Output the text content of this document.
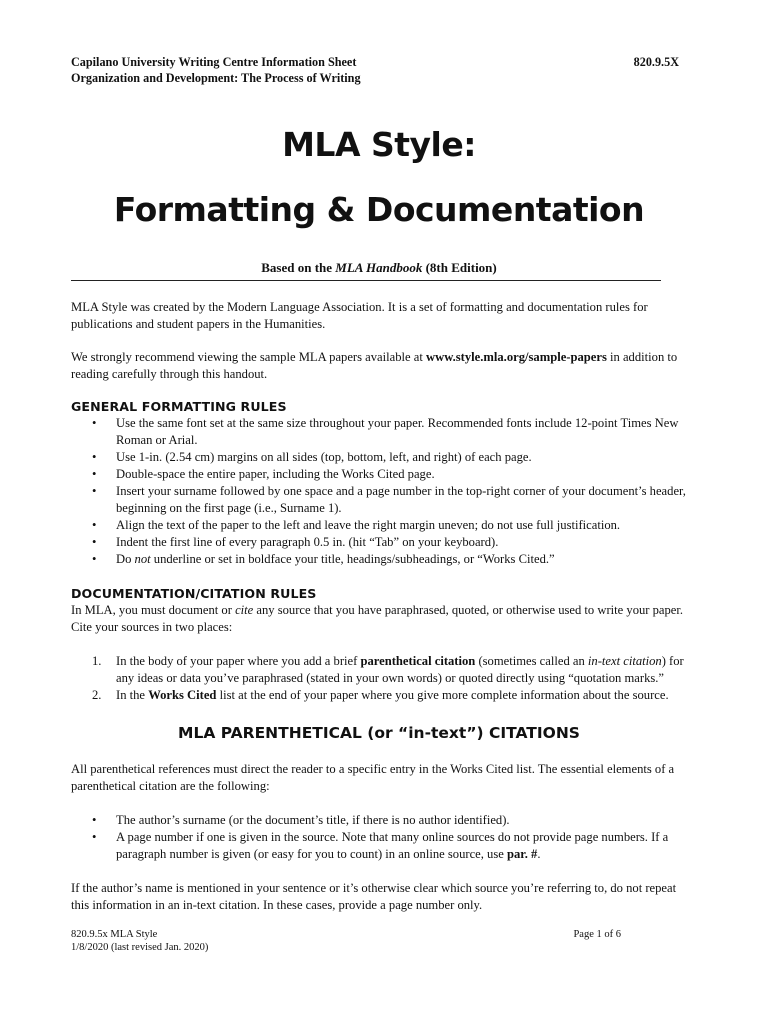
Capilano University Writing Centre Information Sheet	820.9.5X
Organization and Development: The Process of Writing
MLA Style:
Formatting & Documentation
Based on the MLA Handbook (8th Edition)

MLA Style was created by the Modern Language Association. It is a set of formatting and documentation rules for publications and student papers in the Humanities.

We strongly recommend viewing the sample MLA papers available at www.style.mla.org/sample-papers in addition to reading carefully through this handout.

GENERAL FORMATTING RULES
• Use the same font set at the same size throughout your paper. Recommended fonts include 12-point Times New Roman or Arial.
• Use 1-in. (2.54 cm) margins on all sides (top, bottom, left, and right) of each page.
• Double-space the entire paper, including the Works Cited page.
• Insert your surname followed by one space and a page number in the top-right corner of your document’s header, beginning on the first page (i.e., Surname 1).
• Align the text of the paper to the left and leave the right margin uneven; do not use full justification.
• Indent the first line of every paragraph 0.5 in. (hit “Tab” on your keyboard).
• Do not underline or set in boldface your title, headings/subheadings, or “Works Cited.”
DOCUMENTATION/CITATION RULES

In MLA, you must document or cite any source that you have paraphrased, quoted, or otherwise used to write your paper. Cite your sources in two places:

1. In the body of your paper where you add a brief parenthetical citation (sometimes called an in-text citation) for any ideas or data you’ve paraphrased (stated in your own words) or quoted directly using “quotation marks.”
2. In the Works Cited list at the end of your paper where you give more complete information about the source.
MLA PARENTHETICAL (or “in-text”) CITATIONS

All parenthetical references must direct the reader to a specific entry in the Works Cited list. The essential elements of a parenthetical citation are the following:

• The author’s surname (or the document’s title, if there is no author identified).
• A page number if one is given in the source. Note that many online sources do not provide page numbers. If a paragraph number is given (or easy for you to count) in an online source, use par. #.

If the author’s name is mentioned in your sentence or it’s otherwise clear which source you’re referring to, do not repeat this information in an in-text citation. In these cases, provide a page number only.

820.9.5x MLA Style	Page 1 of 6
1/8/2020 (last revised Jan. 2020)
